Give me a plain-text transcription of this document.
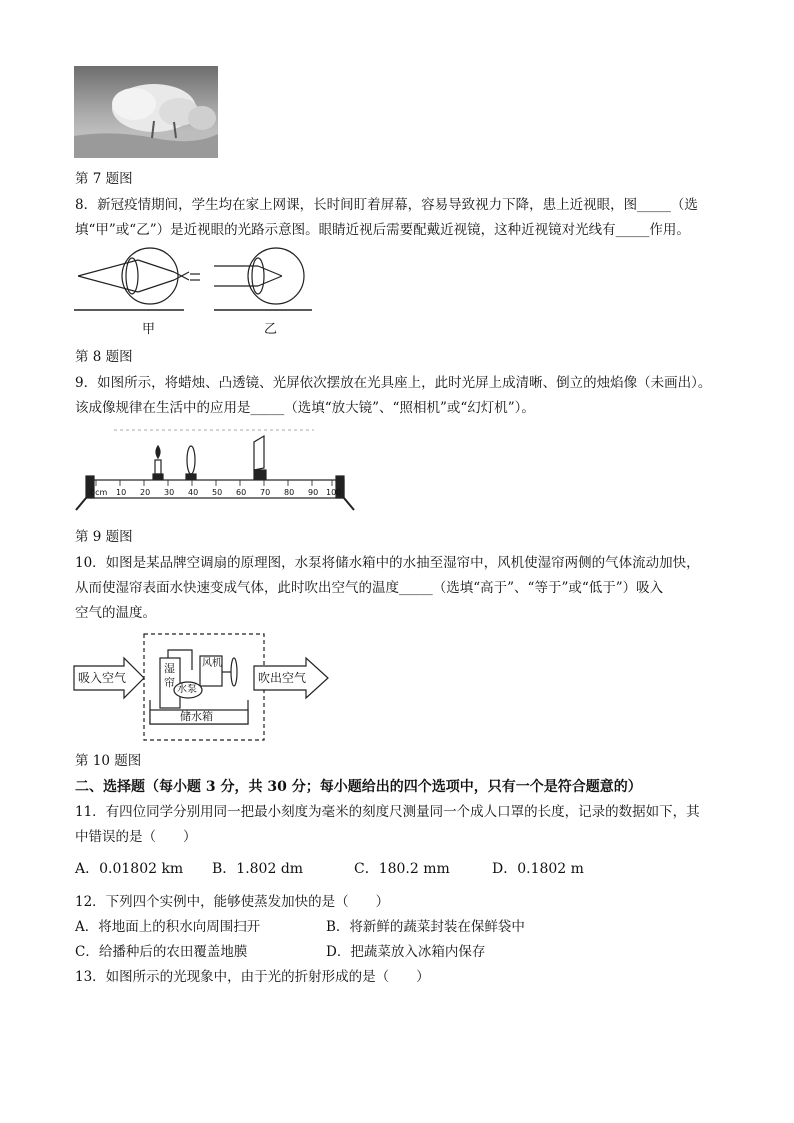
第 7 题图
8．新冠疫情期间，学生均在家上网课，长时间盯着屏幕，容易导致视力下降，患上近视眼，图_____（选
填“甲”或“乙”）是近视眼的光路示意图。眼睛近视后需要配戴近视镜，这种近视镜对光线有_____作用。
甲	乙
第 8 题图
9．如图所示，将蜡烛、凸透镜、光屏依次摆放在光具座上，此时光屏上成清晰、倒立的烛焰像（未画出）。
该成像规律在生活中的应用是_____（选填“放大镜”、“照相机”或“幻灯机”）。
0cm 10 20 30 40 50 60 70 80 90 100
第 9 题图
10．如图是某品牌空调扇的原理图，水泵将储水箱中的水抽至湿帘中，风机使湿帘两侧的气体流动加快，
从而使湿帘表面水快速变成气体，此时吹出空气的温度_____（选填“高于”、“等于”或“低于”）吸入
空气的温度。
吸入空气	吹出空气
湿帘
风机
水泵
储水箱
第 10 题图
二、选择题（每小题 3 分，共 30 分；每小题给出的四个选项中，只有一个是符合题意的）
11．有四位同学分别用同一把最小刻度为毫米的刻度尺测量同一个成人口罩的长度，记录的数据如下，其
中错误的是（　　）
A．0.01802 km B．1.802 dm	C．180.2 mm	D．0.1802 m
12．下列四个实例中，能够使蒸发加快的是（　　）
A．将地面上的积水向周围扫开	B．将新鲜的蔬菜封装在保鲜袋中
C．给播种后的农田覆盖地膜	D．把蔬菜放入冰箱内保存
13．如图所示的光现象中，由于光的折射形成的是（　　）
